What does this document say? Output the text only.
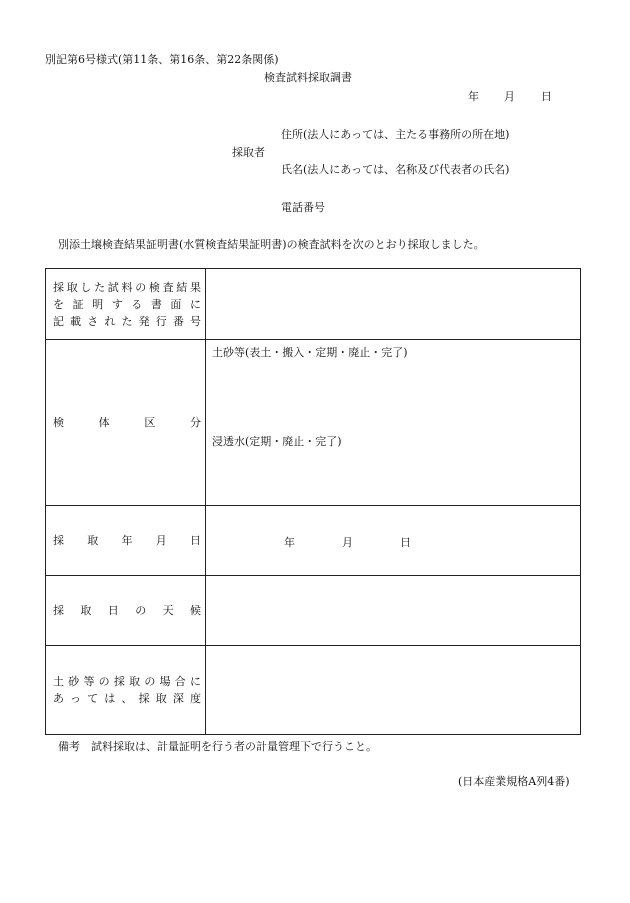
別記第6号様式(第11条、第16条、第22条関係)
検査試料採取調書
年 月 日
住所(法人にあっては、主たる事務所の所在地)
採取者
氏名(法人にあっては、名称及び代表者の氏名)
電話番号
別添土壌検査結果証明書(水質検査結果証明書)の検査試料を次のとおり採取しました。
採取した試料の検査結果
を証明する書面に
記載された発行番号	

検体区分	土砂等(表土・搬入・定期・廃止・完了)
浸透水(定期・廃止・完了)

採取年月日	年 月 日

採取日の天候	

土砂等の採取の場合に
あっては、採取深度	

備考　試料採取は、計量証明を行う者の計量管理下で行うこと。
(日本産業規格A列4番)
